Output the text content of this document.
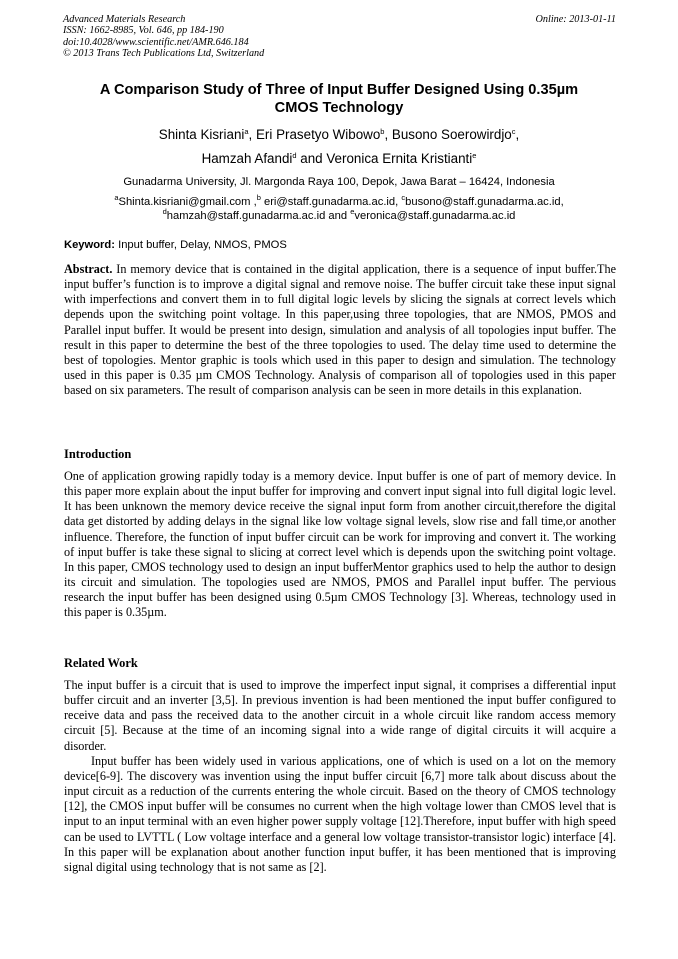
Advanced Materials Research
ISSN: 1662-8985, Vol. 646, pp 184-190
doi:10.4028/www.scientific.net/AMR.646.184
© 2013 Trans Tech Publications Ltd, Switzerland
Online: 2013-01-11
A Comparison Study of Three of Input Buffer Designed Using 0.35µm
CMOS Technology
Shinta Kisriani$^a$, Eri Prasetyo Wibowo$^b$, Busono Soerowirdjo$^c$,
Hamzah Afandi$^d$ and Veronica Ernita Kristianti$^e$
Gunadarma University, Jl. Margonda Raya 100, Depok, Jawa Barat – 16424, Indonesia
$^a$Shinta.kisriani@gmail.com ,$^b$ eri@staff.gunadarma.ac.id, $^c$busono@staff.gunadarma.ac.id,
$^d$hamzah@staff.gunadarma.ac.id and $^e$veronica@staff.gunadarma.ac.id
Keyword: Input buffer, Delay, NMOS, PMOS
Abstract. In memory device that is contained in the digital application, there is a sequence of input buffer.The input buffer’s function is to improve a digital signal and remove noise. The buffer circuit take these input signal with imperfections and convert them in to full digital logic levels by slicing the signals at correct levels which depends upon the switching point voltage. In this paper,using three topologies, that are NMOS, PMOS and Parallel input buffer. It would be present into design, simulation and analysis of all topologies input buffer. The result in this paper to determine the best of the three topologies to used. The delay time used to determine the best of topologies. Mentor graphic is tools which used in this paper to design and simulation. The technology used in this paper is 0.35 µm CMOS Technology. Analysis of comparison all of topologies used in this paper based on six parameters. The result of comparison analysis can be seen in more details in this explanation.
Introduction
One of application growing rapidly today is a memory device. Input buffer is one of part of memory device. In this paper more explain about the input buffer for improving and convert input signal into full digital logic level. It has been unknown the memory device receive the signal input form from another circuit,therefore the digital data get distorted by adding delays in the signal like low voltage signal levels, slow rise and fall time,or another influence. Therefore, the function of input buffer circuit can be work for improving and convert it. The working of input buffer is take these signal to slicing at correct level which is depends upon the switching point voltage. In this paper, CMOS technology used to design an input bufferMentor graphics used to help the author to design its circuit and simulation. The topologies used are NMOS, PMOS and Parallel input buffer. The pervious research the input buffer has been designed using 0.5µm CMOS Technology [3]. Whereas, technology used in this paper is 0.35µm.
Related Work

The input buffer is a circuit that is used to improve the imperfect input signal, it comprises a differential input buffer circuit and an inverter [3,5]. In previous invention is had been mentioned the input buffer configured to receive data and pass the received data to the another circuit in a whole circuit like random access memory circuit [5]. Because at the time of an incoming signal into a wide range of digital circuits it will acquire a disorder.

Input buffer has been widely used in various applications, one of which is used on a lot on the memory device[6-9]. The discovery was invention using the input buffer circuit [6,7] more talk about discuss about the input circuit as a reduction of the currents entering the whole circuit. Based on the theory of CMOS technology [12], the CMOS input buffer will be consumes no current when the high voltage lower than CMOS level that is input to an input terminal with an even higher power supply voltage [12].Therefore, input buffer with high speed can be used to LVTTL ( Low voltage interface and a general low voltage transistor-transistor logic) interface [4]. In this paper will be explanation about another function input buffer, it has been mentioned that is improving signal digital using technology that is not same as [2].
